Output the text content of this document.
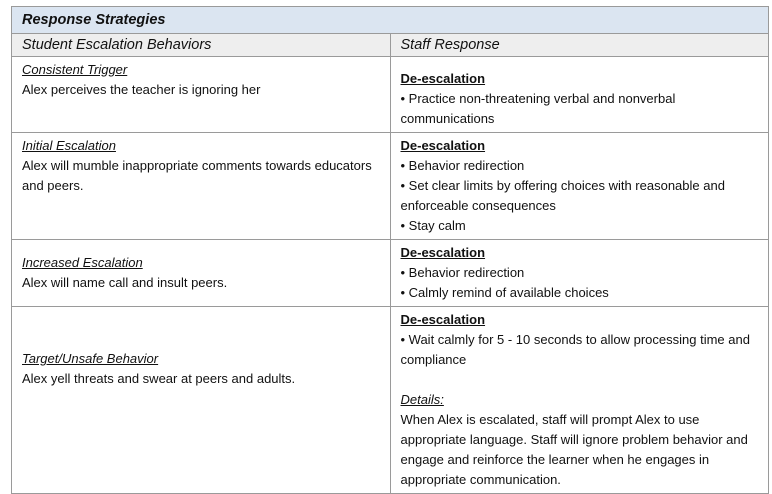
Response Strategies	
Student Escalation Behaviors	Staff Response

Consistent Trigger
Alex perceives the teacher is ignoring her	De-escalation
• Practice non-threatening verbal and nonverbal communications

Initial Escalation
Alex will mumble inappropriate comments towards educators and peers.	De-escalation
• Behavior redirection
• Set clear limits by offering choices with reasonable and enforceable consequences
• Stay calm

Increased Escalation
Alex will name call and insult peers.	De-escalation
• Behavior redirection
• Calmly remind of available choices

Target/Unsafe Behavior
Alex yell threats and swear at peers and adults.	De-escalation
• Wait calmly for 5 - 10 seconds to allow processing time and compliance
Details:
When Alex is escalated, staff will prompt Alex to use appropriate language. Staff will ignore problem behavior and engage and reinforce the learner when he engages in appropriate communication.
